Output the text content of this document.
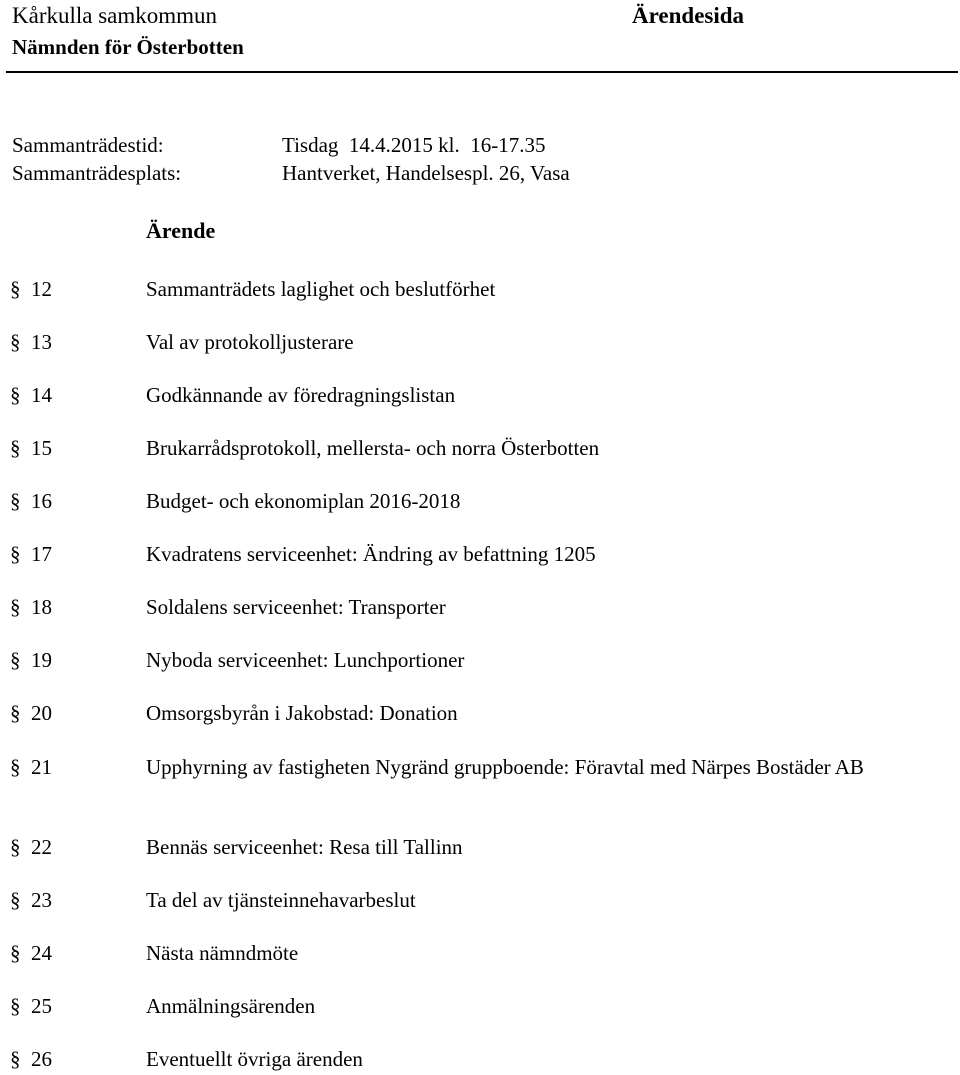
Kårkulla samkommun
Nämnden för Österbotten
Ärendesida
Sammanträdestid:	Tisdag  14.4.2015 kl.  16-17.35
Sammanträdesplats:	Hantverket, Handelsespl. 26, Vasa
Ärende
§ 12	Sammanträdets laglighet och beslutförhet
§ 13	Val av protokolljusterare
§ 14	Godkännande av föredragningslistan
§ 15	Brukarrådsprotokoll, mellersta- och norra Österbotten
§ 16	Budget- och ekonomiplan 2016-2018
§ 17	Kvadratens serviceenhet: Ändring av befattning 1205
§ 18	Soldalens serviceenhet: Transporter
§ 19	Nyboda serviceenhet: Lunchportioner
§ 20	Omsorgsbyrån i Jakobstad: Donation
§ 21	Upphyrning av fastigheten Nygränd gruppboende: Föravtal med Närpes Bostäder AB
§ 22	Bennäs serviceenhet: Resa till Tallinn
§ 23	Ta del av tjänsteinnehavarbeslut
§ 24	Nästa nämndmöte
§ 25	Anmälningsärenden
§ 26	Eventuellt övriga ärenden
